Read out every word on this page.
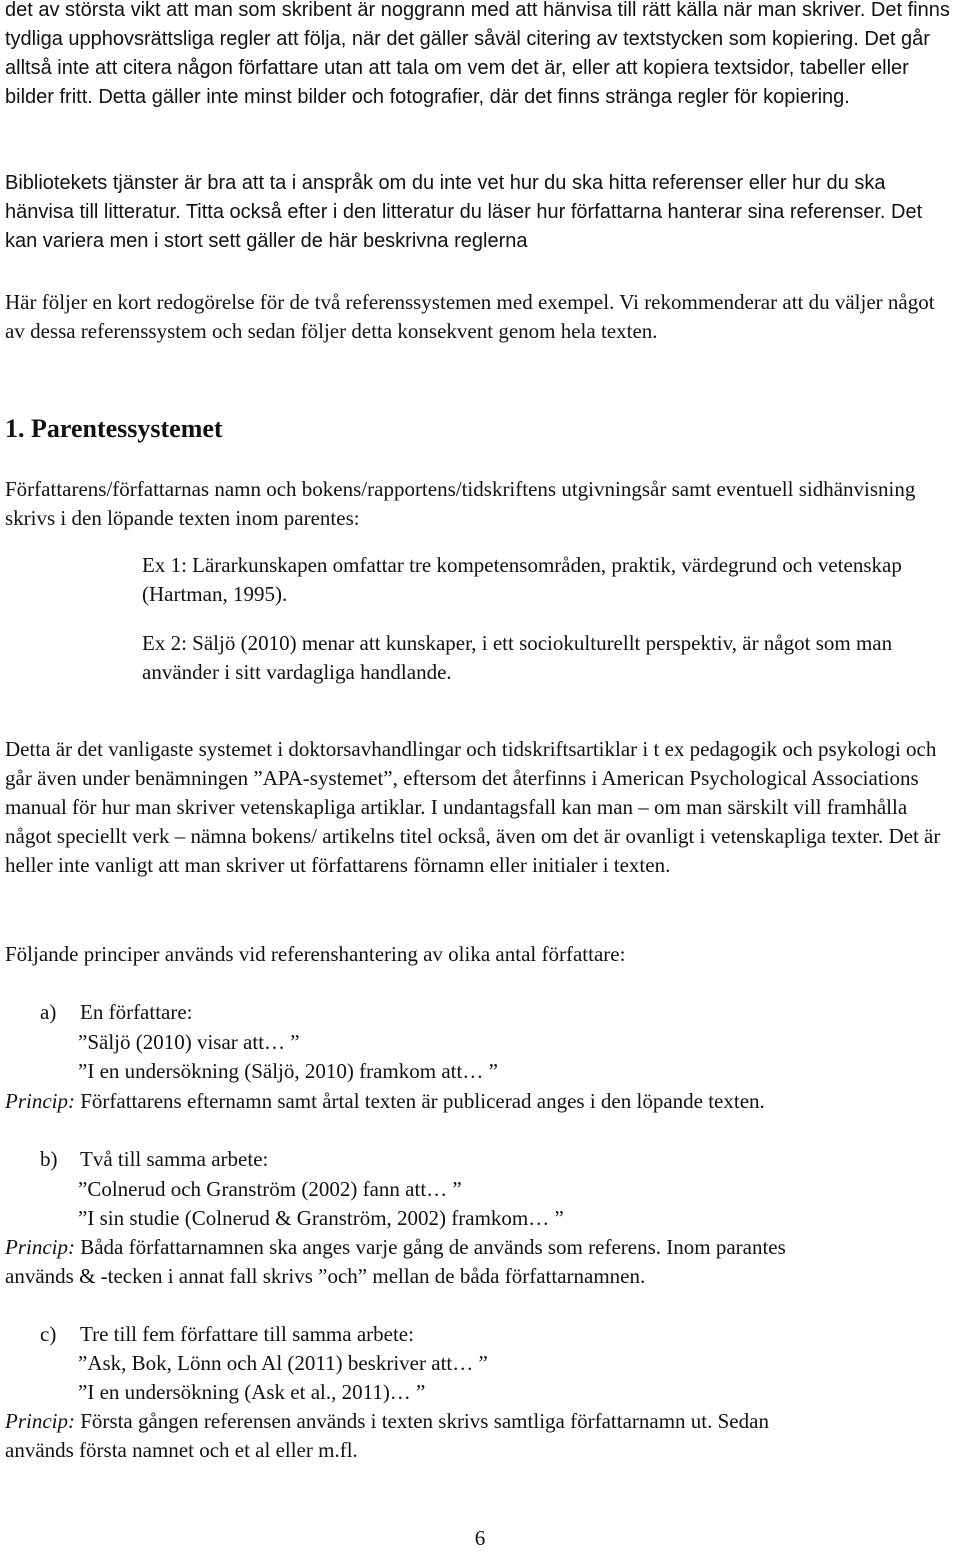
det av största vikt att man som skribent är noggrann med att hänvisa till rätt källa när man skriver. Det finns tydliga upphovsrättsliga regler att följa, när det gäller såväl citering av textstycken som kopiering. Det går alltså inte att citera någon författare utan att tala om vem det är, eller att kopiera textsidor, tabeller eller bilder fritt. Detta gäller inte minst bilder och fotografier, där det finns stränga regler för kopiering.

Bibliotekets tjänster är bra att ta i anspråk om du inte vet hur du ska hitta referenser eller hur du ska hänvisa till litteratur. Titta också efter i den litteratur du läser hur författarna hanterar sina referenser. Det kan variera men i stort sett gäller de här beskrivna reglerna

Här följer en kort redogörelse för de två referenssystemen med exempel. Vi rekommenderar att du väljer något av dessa referenssystem och sedan följer detta konsekvent genom hela texten.

1. Parentessystemet

Författarens/författarnas namn och bokens/rapportens/tidskriftens utgivningsår samt eventuell sidhänvisning skrivs i den löpande texten inom parentes:

Ex 1: Lärarkunskapen omfattar tre kompetensområden, praktik, värdegrund och vetenskap (Hartman, 1995).

Ex 2: Säljö (2010) menar att kunskaper, i ett sociokulturellt perspektiv, är något som man använder i sitt vardagliga handlande.

Detta är det vanligaste systemet i doktorsavhandlingar och tidskriftsartiklar i t ex pedagogik och psykologi och går även under benämningen ”APA-systemet”, eftersom det återfinns i American Psychological Associations manual för hur man skriver vetenskapliga artiklar. I undantagsfall kan man – om man särskilt vill framhålla något speciellt verk – nämna bokens/ artikelns titel också, även om det är ovanligt i vetenskapliga texter. Det är heller inte vanligt att man skriver ut författarens förnamn eller initialer i texten.

Följande principer används vid referenshantering av olika antal författare:

a) En författare:

”Säljö (2010) visar att… ”

”I en undersökning (Säljö, 2010) framkom att… ”

Princip: Författarens efternamn samt årtal texten är publicerad anges i den löpande texten.

b) Två till samma arbete:

”Colnerud och Granström (2002) fann att… ”

”I sin studie (Colnerud & Granström, 2002) framkom… ”

Princip: Båda författarnamnen ska anges varje gång de används som referens. Inom parantes

används & -tecken i annat fall skrivs ”och” mellan de båda författarnamnen.

c) Tre till fem författare till samma arbete:

”Ask, Bok, Lönn och Al (2011) beskriver att… ”

”I en undersökning (Ask et al., 2011)… ”

Princip: Första gången referensen används i texten skrivs samtliga författarnamn ut. Sedan

används första namnet och et al eller m.fl.

6
